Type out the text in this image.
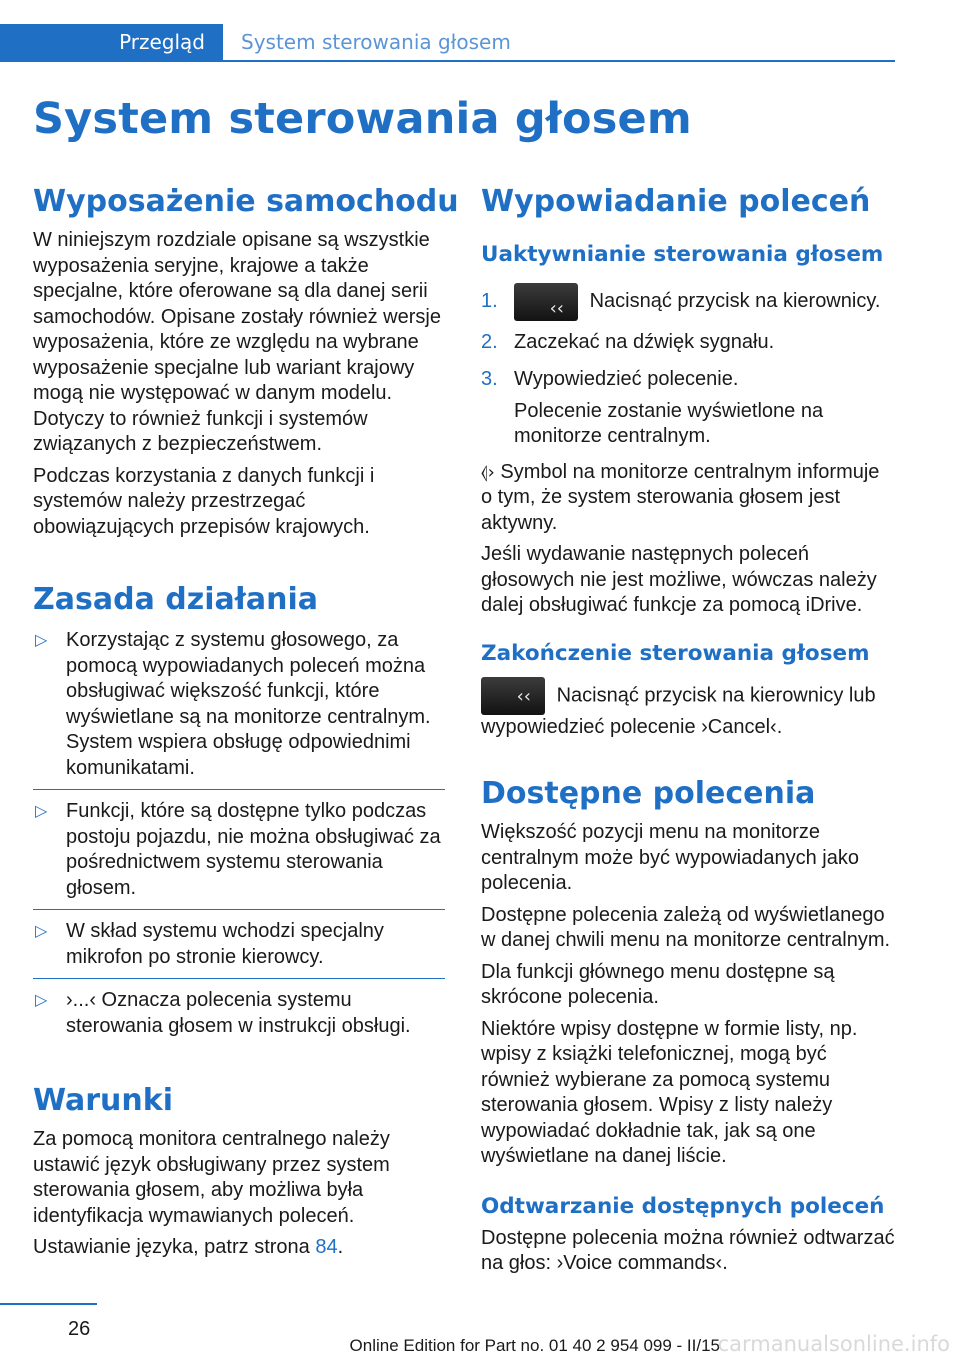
Przegląd	System sterowania głosem
System sterowania głosem
Wyposażenie samochodu

W niniejszym rozdziale opisane są wszystkie wyposażenia seryjne, krajowe a także specjalne, które oferowane są dla danej serii samochodów. Opisane zostały również wersje wyposażenia, które ze względu na wybrane wyposażenie specjalne lub wariant krajowy mogą nie występować w danym modelu. Dotyczy to również funkcji i systemów związanych z bezpieczeństwem.

Podczas korzystania z danych funkcji i systemów należy przestrzegać obowiązujących przepisów krajowych.

Zasada działania
▷ Korzystając z systemu głosowego, za pomocą wypowiadanych poleceń można obsługiwać większość funkcji, które wyświetlane są na monitorze centralnym. System wspiera obsługę odpowiednimi komunikatami.
▷ Funkcji, które są dostępne tylko podczas postoju pojazdu, nie można obsługiwać za pośrednictwem systemu sterowania głosem.
▷ W skład systemu wchodzi specjalny mikrofon po stronie kierowcy.
▷ ›...‹ Oznacza polecenia systemu sterowania głosem w instrukcji obsługi.
Warunki

Za pomocą monitora centralnego należy ustawić język obsługiwany przez system sterowania głosem, aby możliwa była identyfikacja wymawianych poleceń.

Ustawianie języka, patrz strona 84.

Wypowiadanie poleceń
Uaktywnianie sterowania głosem
1.	‹‹ Nacisnąć przycisk na kierownicy.
2. Zaczekać na dźwięk sygnału.
3. Wypowiedzieć polecenie.
Polecenie zostanie wyświetlone na monitorze centralnym.

⦉› Symbol na monitorze centralnym informuje o tym, że system sterowania głosem jest aktywny.

Jeśli wydawanie następnych poleceń głosowych nie jest możliwe, wówczas należy dalej obsługiwać funkcje za pomocą iDrive.

Zakończenie sterowania głosem

‹‹ Nacisnąć przycisk na kierownicy lub wypowiedzieć polecenie ›Cancel‹.

Dostępne polecenia

Większość pozycji menu na monitorze centralnym może być wypowiadanych jako polecenia.

Dostępne polecenia zależą od wyświetlanego w danej chwili menu na monitorze centralnym.

Dla funkcji głównego menu dostępne są skrócone polecenia.

Niektóre wpisy dostępne w formie listy, np. wpisy z książki telefonicznej, mogą być również wybierane za pomocą systemu sterowania głosem. Wpisy z listy należy wypowiadać dokładnie tak, jak są one wyświetlane na danej liście.

Odtwarzanie dostępnych poleceń

Dostępne polecenia można również odtwarzać na głos: ›Voice commands‹.

26
Online Edition for Part no. 01 40 2 954 099 - II/15
carmanualsonline.info
